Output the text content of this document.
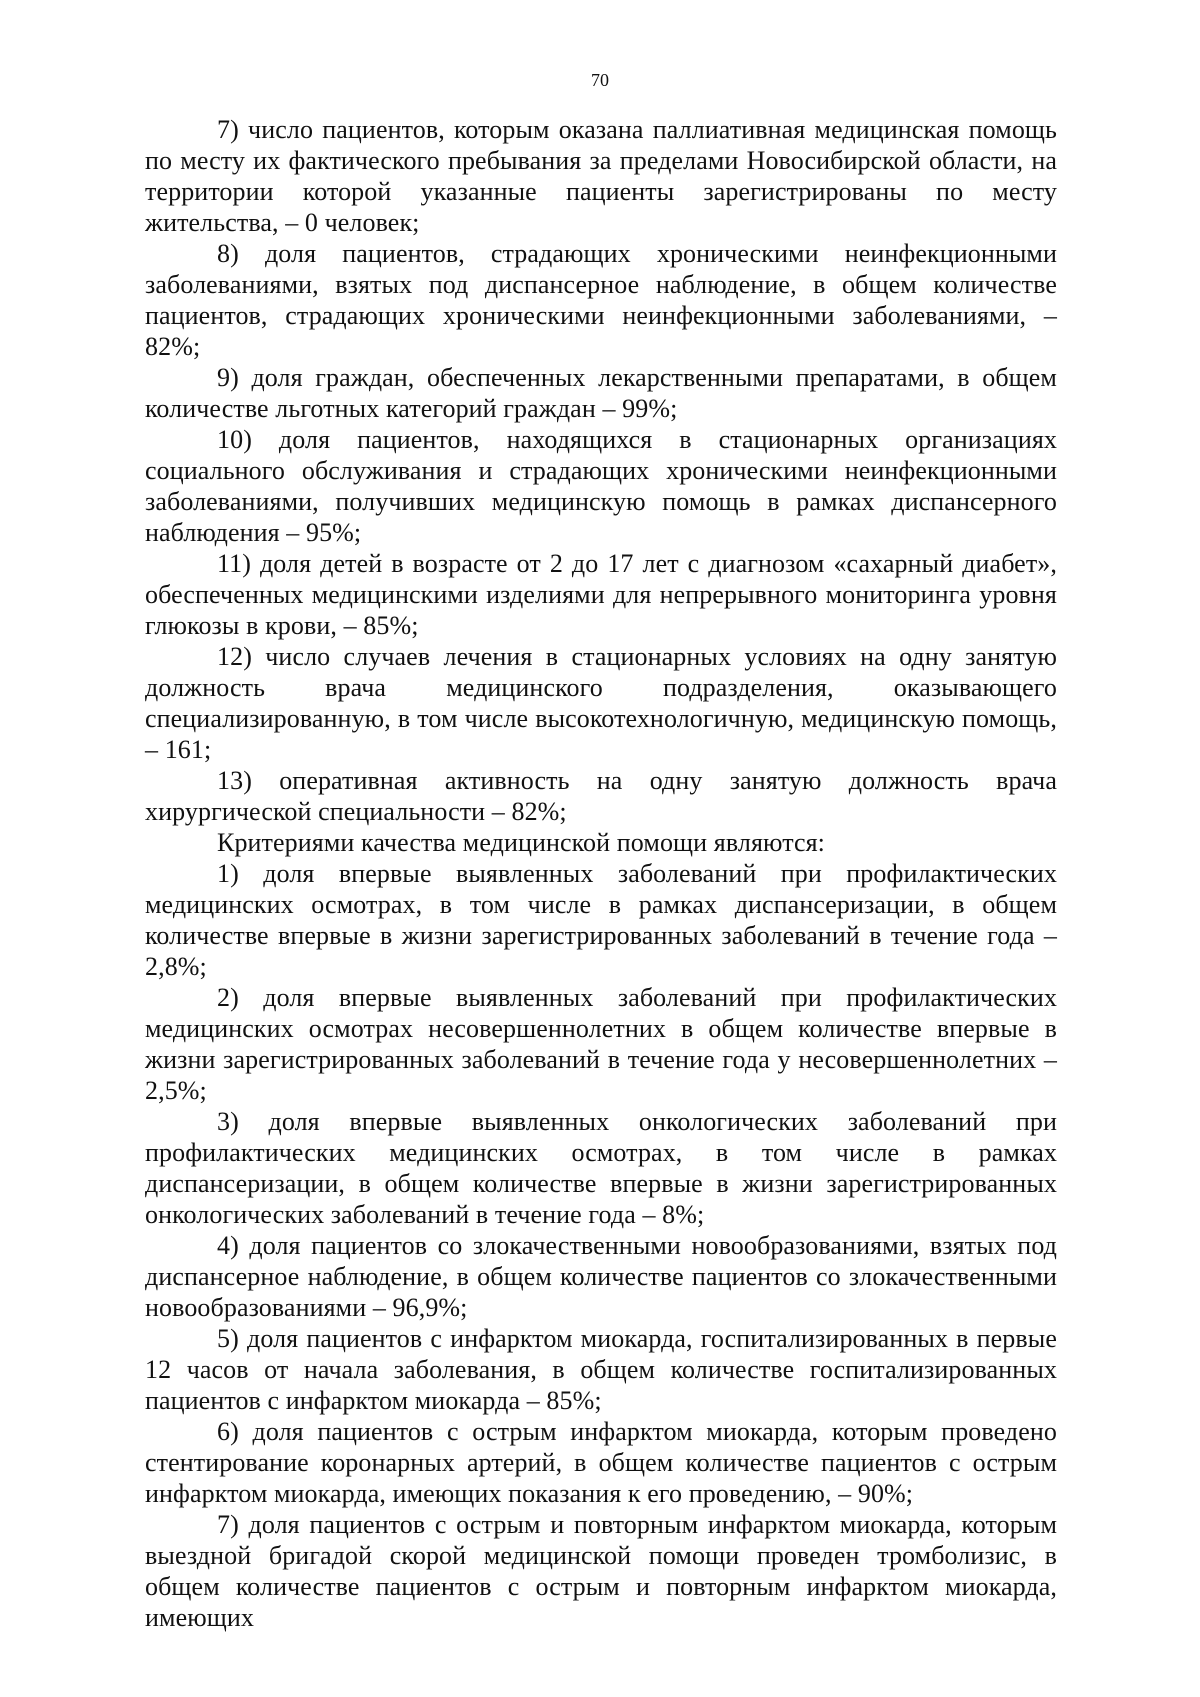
70

7) число пациентов, которым оказана паллиативная медицинская помощь по месту их фактического пребывания за пределами Новосибирской области, на территории которой указанные пациенты зарегистрированы по месту жительства, – 0 человек;

8) доля пациентов, страдающих хроническими неинфекционными заболеваниями, взятых под диспансерное наблюдение, в общем количестве пациентов, страдающих хроническими неинфекционными заболеваниями, – 82%;

9) доля граждан, обеспеченных лекарственными препаратами, в общем количестве льготных категорий граждан – 99%;

10) доля пациентов, находящихся в стационарных организациях социального обслуживания и страдающих хроническими неинфекционными заболеваниями, получивших медицинскую помощь в рамках диспансерного наблюдения – 95%;

11) доля детей в возрасте от 2 до 17 лет с диагнозом «сахарный диабет», обеспеченных медицинскими изделиями для непрерывного мониторинга уровня глюкозы в крови, – 85%;

12) число случаев лечения в стационарных условиях на одну занятую должность врача медицинского подразделения, оказывающего специализированную, в том числе высокотехнологичную, медицинскую помощь, – 161;

13) оперативная активность на одну занятую должность врача хирургической специальности – 82%;

Критериями качества медицинской помощи являются:

1) доля впервые выявленных заболеваний при профилактических медицинских осмотрах, в том числе в рамках диспансеризации, в общем количестве впервые в жизни зарегистрированных заболеваний в течение года – 2,8%;

2) доля впервые выявленных заболеваний при профилактических медицинских осмотрах несовершеннолетних в общем количестве впервые в жизни зарегистрированных заболеваний в течение года у несовершеннолетних – 2,5%;

3) доля впервые выявленных онкологических заболеваний при профилактических медицинских осмотрах, в том числе в рамках диспансеризации, в общем количестве впервые в жизни зарегистрированных онкологических заболеваний в течение года – 8%;

4) доля пациентов со злокачественными новообразованиями, взятых под диспансерное наблюдение, в общем количестве пациентов со злокачественными новообразованиями – 96,9%;

5) доля пациентов с инфарктом миокарда, госпитализированных в первые 12 часов от начала заболевания, в общем количестве госпитализированных пациентов с инфарктом миокарда – 85%;

6) доля пациентов с острым инфарктом миокарда, которым проведено стентирование коронарных артерий, в общем количестве пациентов с острым инфарктом миокарда, имеющих показания к его проведению, – 90%;

7) доля пациентов с острым и повторным инфарктом миокарда, которым выездной бригадой скорой медицинской помощи проведен тромболизис, в общем количестве пациентов с острым и повторным инфарктом миокарда, имеющих
